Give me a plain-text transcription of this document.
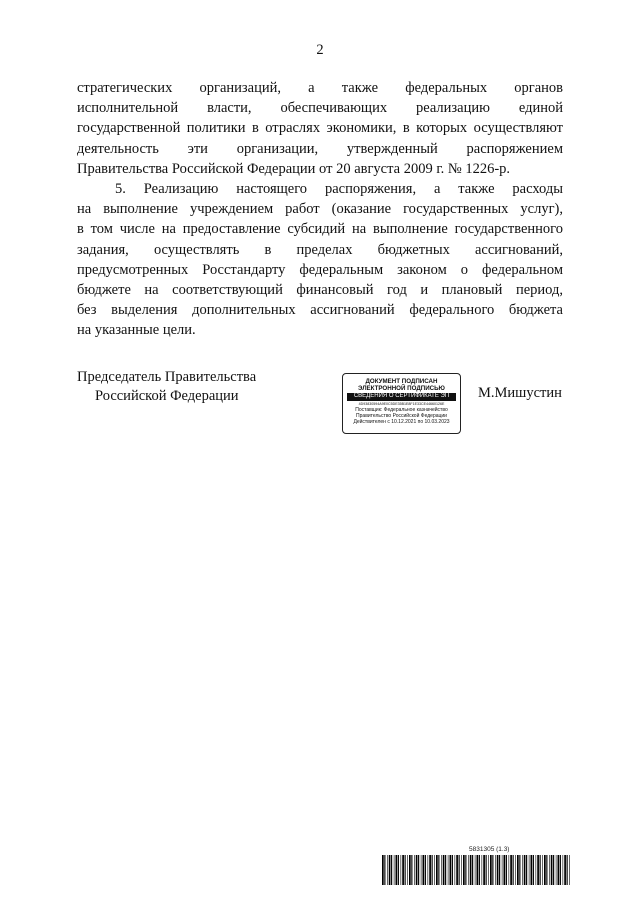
2

стратегических организаций, а также федеральных органов
исполнительной власти, обеспечивающих реализацию единой
государственной политики в отраслях экономики, в которых осуществляют
деятельность эти организации, утвержденный распоряжением
Правительства Российской Федерации от 20 августа 2009 г. № 1226-р.

5. Реализацию настоящего распоряжения, а также расходы
на выполнение учреждением работ (оказание государственных услуг),
в том числе на предоставление субсидий на выполнение государственного
задания, осуществлять в пределах бюджетных ассигнований,
предусмотренных Росстандарту федеральным законом о федеральном
бюджете на соответствующий финансовый год и плановый период,
без выделения дополнительных ассигнований федерального бюджета
на указанные цели.

Председатель Правительства
Российской Федерации
ДОКУМЕНТ ПОДПИСАН
ЭЛЕКТРОННОЙ ПОДПИСЬЮ
СВЕДЕНИЯ О СЕРТИФИКАТЕ ЭП
4D93830594A9E0C5DE35B1E8F1E33CE44660126E
Поставщик: Федеральное казначейство
Правительство Российской Федерации
Действителен с 10.12.2021 по 10.03.2023
М.Мишустин
5831305 (1.3)
